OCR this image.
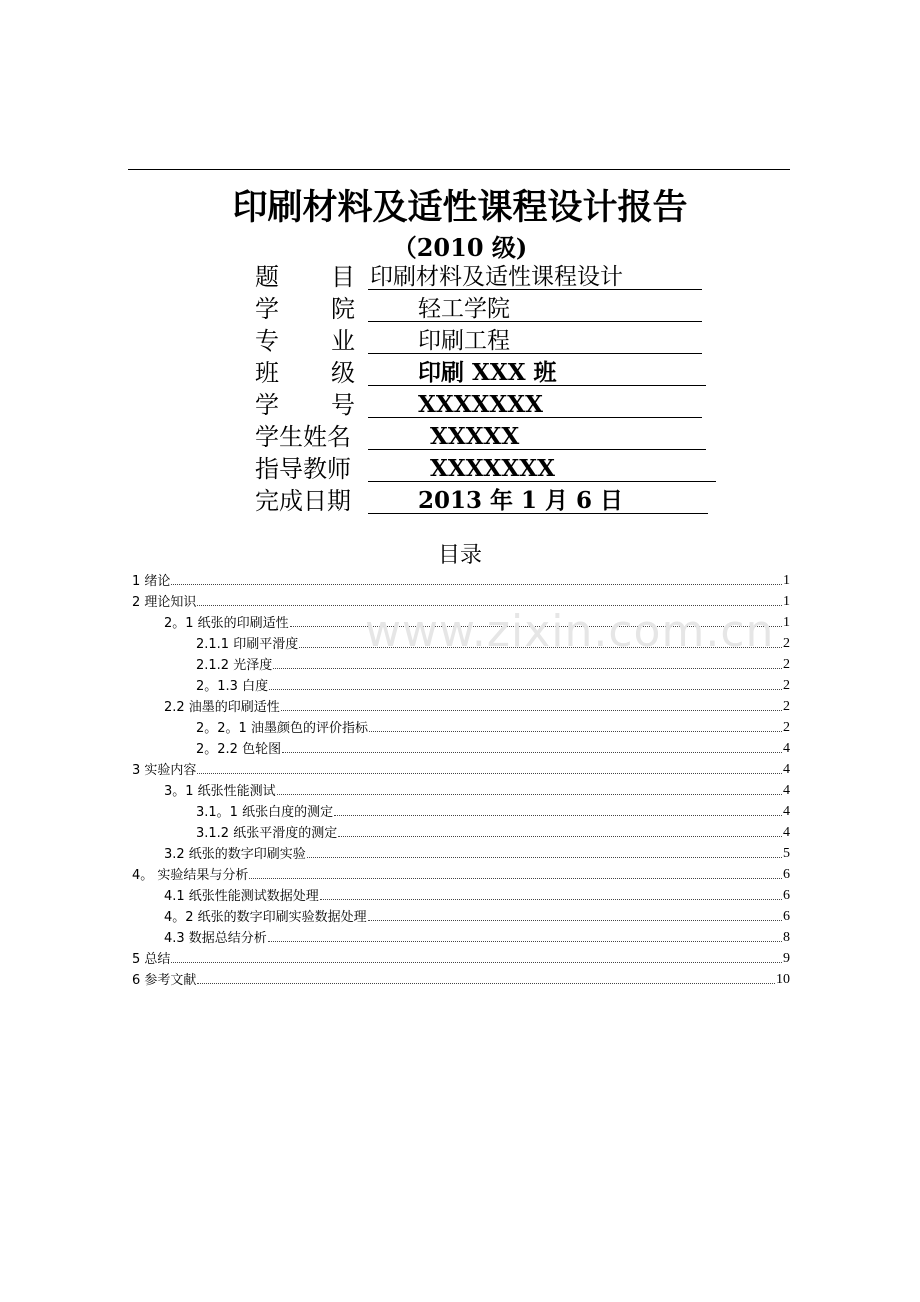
印刷材料及适性课程设计报告
（2010 级)
题 目 印刷材料及适性课程设计
学 院	轻工学院
专 业	印刷工程
班 级	印刷 XXX 班
学 号	XXXXXXX
学生姓名	XXXXX
指导教师	XXXXXXX
完成日期	2013 年 1 月 6 日
目录
1 绪论	1
2 理论知识	1
2。1 纸张的印刷适性	1
2.1.1 印刷平滑度	2
2.1.2 光泽度	2
2。1.3 白度	2
2.2 油墨的印刷适性	2
2。2。1 油墨颜色的评价指标	2
2。2.2 色轮图	4
3 实验内容	4
3。1 纸张性能测试	4
3.1。1 纸张白度的测定	4
3.1.2 纸张平滑度的测定	4
3.2 纸张的数字印刷实验	5
4。 实验结果与分析	6
4.1 纸张性能测试数据处理	6
4。2 纸张的数字印刷实验数据处理	6
4.3 数据总结分析	8
5 总结	9
6 参考文献	10
www.zixin.com.cn
